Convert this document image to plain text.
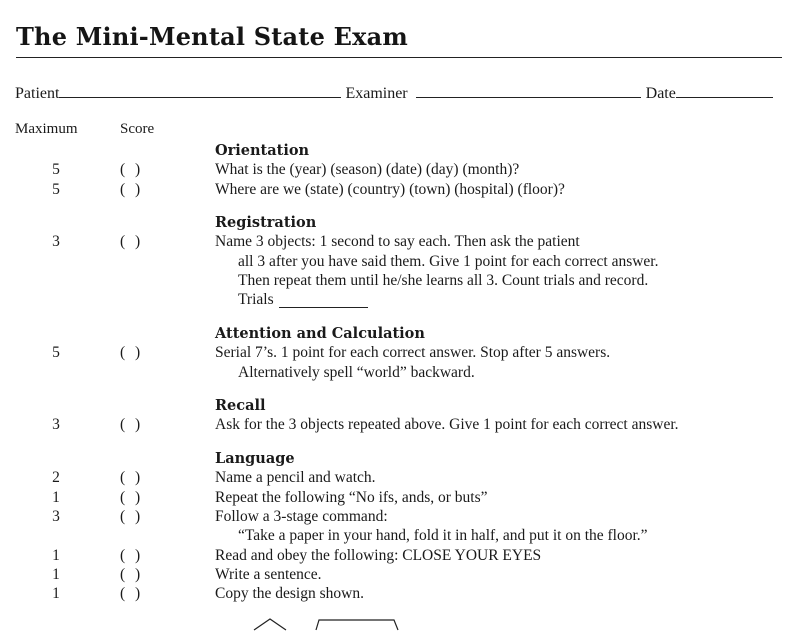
The Mini-Mental State Exam
Patient	Examiner	Date
Maximum	Score
Orientation
5	( )	What is the (year) (season) (date) (day) (month)?
5	( )	Where are we (state) (country) (town) (hospital) (floor)?
Registration
3	( )	Name 3 objects: 1 second to say each. Then ask the patient
all 3 after you have said them. Give 1 point for each correct answer.
Then repeat them until he/she learns all 3. Count trials and record.
Trials
Attention and Calculation
5	( )	Serial 7’s. 1 point for each correct answer. Stop after 5 answers.
Alternatively spell “world” backward.
Recall
3	( )	Ask for the 3 objects repeated above. Give 1 point for each correct answer.
Language
2	( )	Name a pencil and watch.
1	( )	Repeat the following “No ifs, ands, or buts”
3	( )	Follow a 3-stage command:
“Take a paper in your hand, fold it in half, and put it on the floor.”
1	( )	Read and obey the following: CLOSE YOUR EYES
1	( )	Write a sentence.
1	( )	Copy the design shown.
